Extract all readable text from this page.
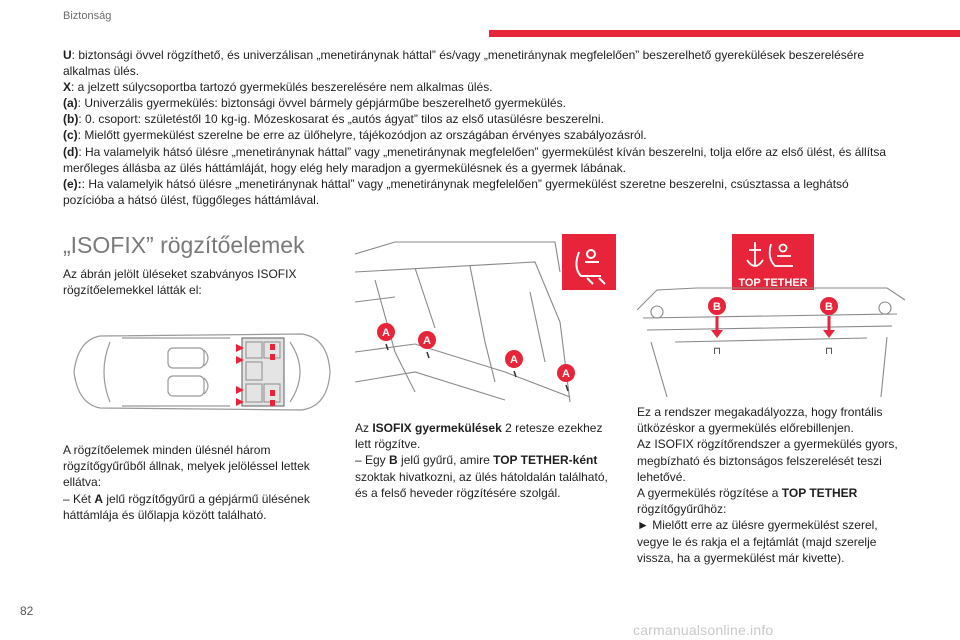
Biztonság

U: biztonsági övvel rögzíthető, és univerzálisan „menetiránynak háttal” és/vagy „menetiránynak megfelelően” beszerelhető gyerekülések beszerelésére alkalmas ülés.

X: a jelzett súlycsoportba tartozó gyermekülés beszerelésére nem alkalmas ülés.

(a): Univerzális gyermekülés: biztonsági övvel bármely gépjárműbe beszerelhető gyermekülés.

(b): 0. csoport: születéstől 10 kg-ig. Mózeskosarat és „autós ágyat” tilos az első utasülésre beszerelni.

(c): Mielőtt gyermekülést szerelne be erre az ülőhelyre, tájékozódjon az országában érvényes szabályozásról.

(d): Ha valamelyik hátsó ülésre „menetiránynak háttal” vagy „menetiránynak megfelelően” gyermekülést kíván beszerelni, tolja előre az első ülést, és állítsa merőleges állásba az ülés háttámláját, hogy elég hely maradjon a gyermekülésnek és a gyermek lábának.

(e):: Ha valamelyik hátsó ülésre „menetiránynak háttal” vagy „menetiránynak megfelelően” gyermekülést szeretne beszerelni, csúsztassa a leghátsó pozícióba a hátsó ülést, függőleges háttámlával.

„ISOFIX” rögzítőelemek

Az ábrán jelölt üléseket szabványos ISOFIX rögzítőelemekkel látták el:

A rögzítőelemek minden ülésnél három rögzítőgyűrűből állnak, melyek jelöléssel lettek ellátva:

– Két A jelű rögzítőgyűrű a gépjármű ülésének háttámlája és ülőlapja között található.

A
A
A
A

Az ISOFIX gyermekülések 2 retesze ezekhez lett rögzítve.

– Egy B jelű gyűrű, amire TOP TETHER-ként szoktak hivatkozni, az ülés hátoldalán található, és a felső heveder rögzítésére szolgál.

TOP TETHER
B
⊓
B
⊓

Ez a rendszer megakadályozza, hogy frontális ütközéskor a gyermekülés előrebillenjen.

Az ISOFIX rögzítőrendszer a gyermekülés gyors, megbízható és biztonságos felszerelését teszi lehetővé.

A gyermekülés rögzítése a TOP TETHER rögzítőgyűrűhöz:

► Mielőtt erre az ülésre gyermekülést szerel, vegye le és rakja el a fejtámlát (majd szerelje vissza, ha a gyermekülést már kivette).

82
carmanualsonline.info
